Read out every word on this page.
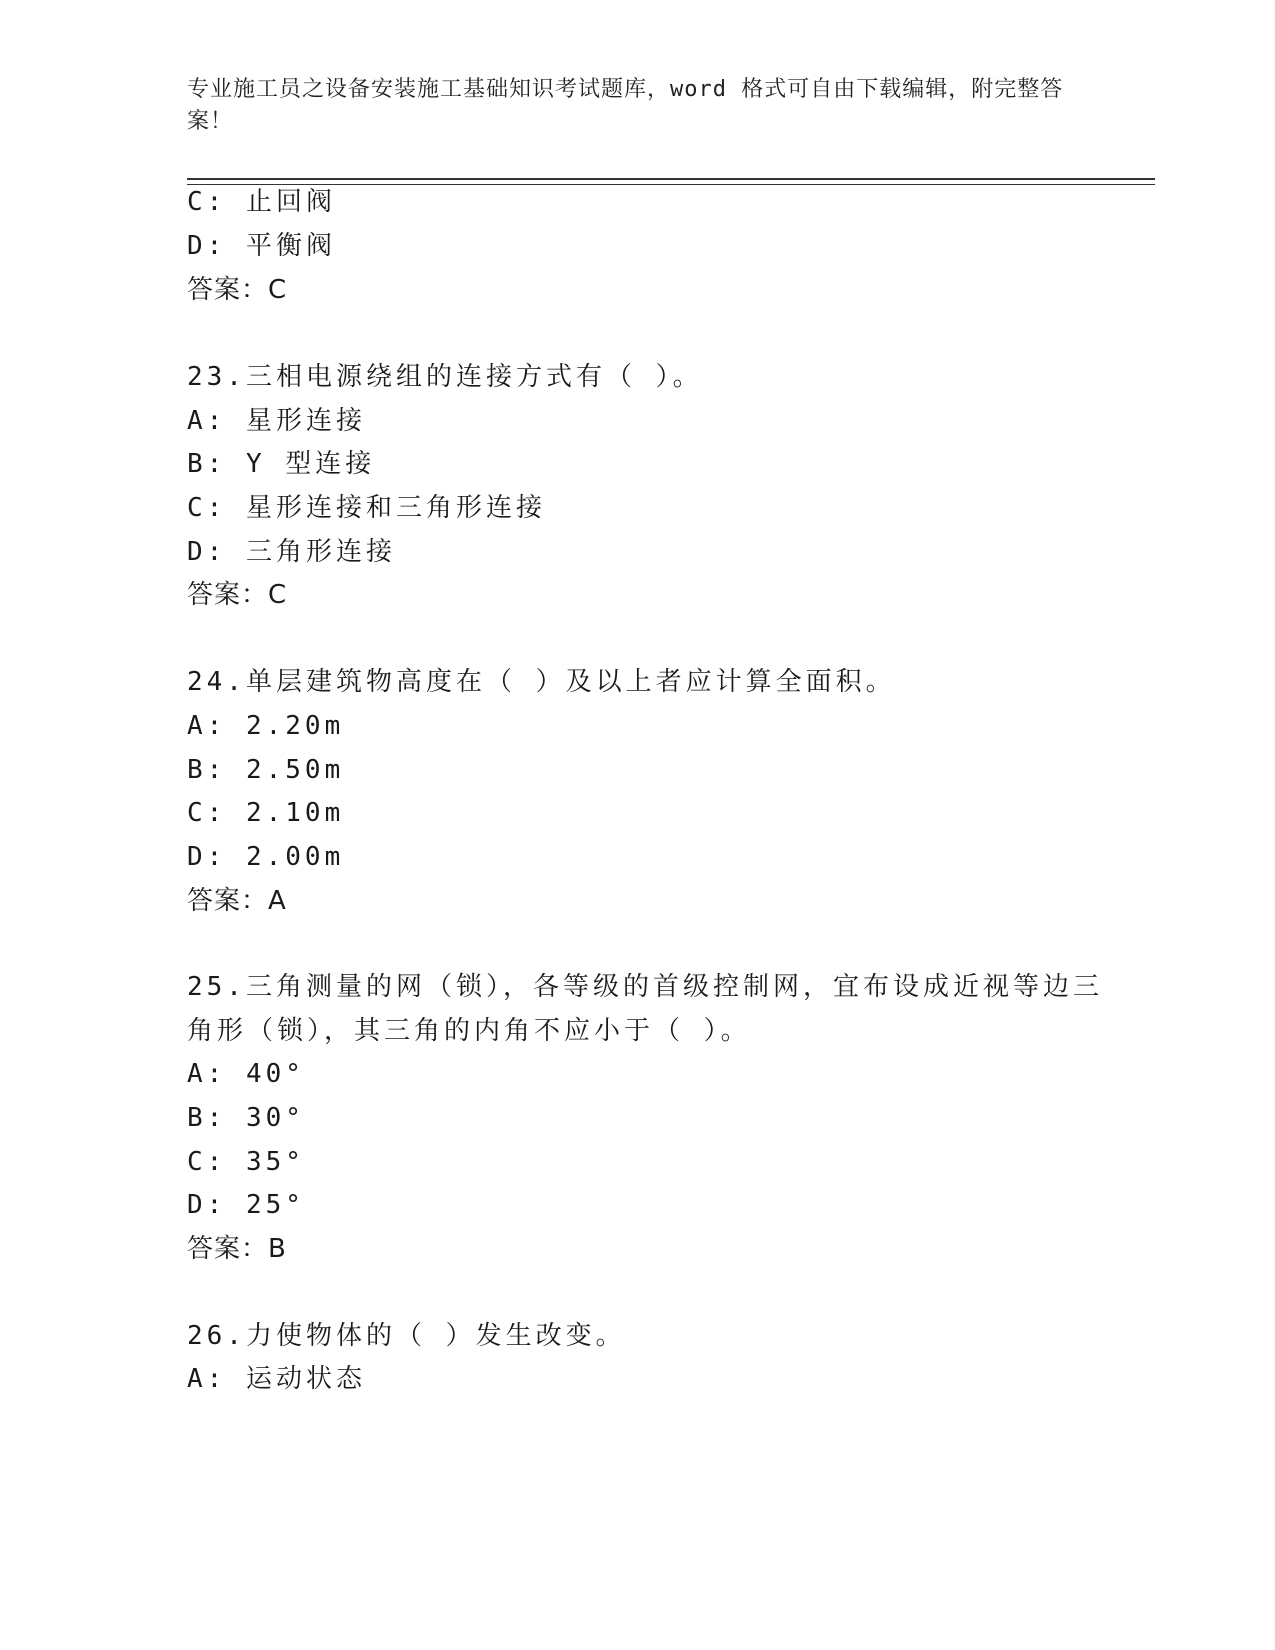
专业施工员之设备安装施工基础知识考试题库，word 格式可自由下载编辑，附完整答案！
C: 止回阀
D: 平衡阀
答案：C
23.三相电源绕组的连接方式有（ ）。
A: 星形连接
B: Y 型连接
C: 星形连接和三角形连接
D: 三角形连接
答案：C
24.单层建筑物高度在（ ）及以上者应计算全面积。
A: 2.20m
B: 2.50m
C: 2.10m
D: 2.00m
答案：A
25.三角测量的网（锁），各等级的首级控制网，宜布设成近视等边三
角形（锁），其三角的内角不应小于（ ）。
A: 40°
B: 30°
C: 35°
D: 25°
答案：B
26.力使物体的（ ）发生改变。
A: 运动状态
